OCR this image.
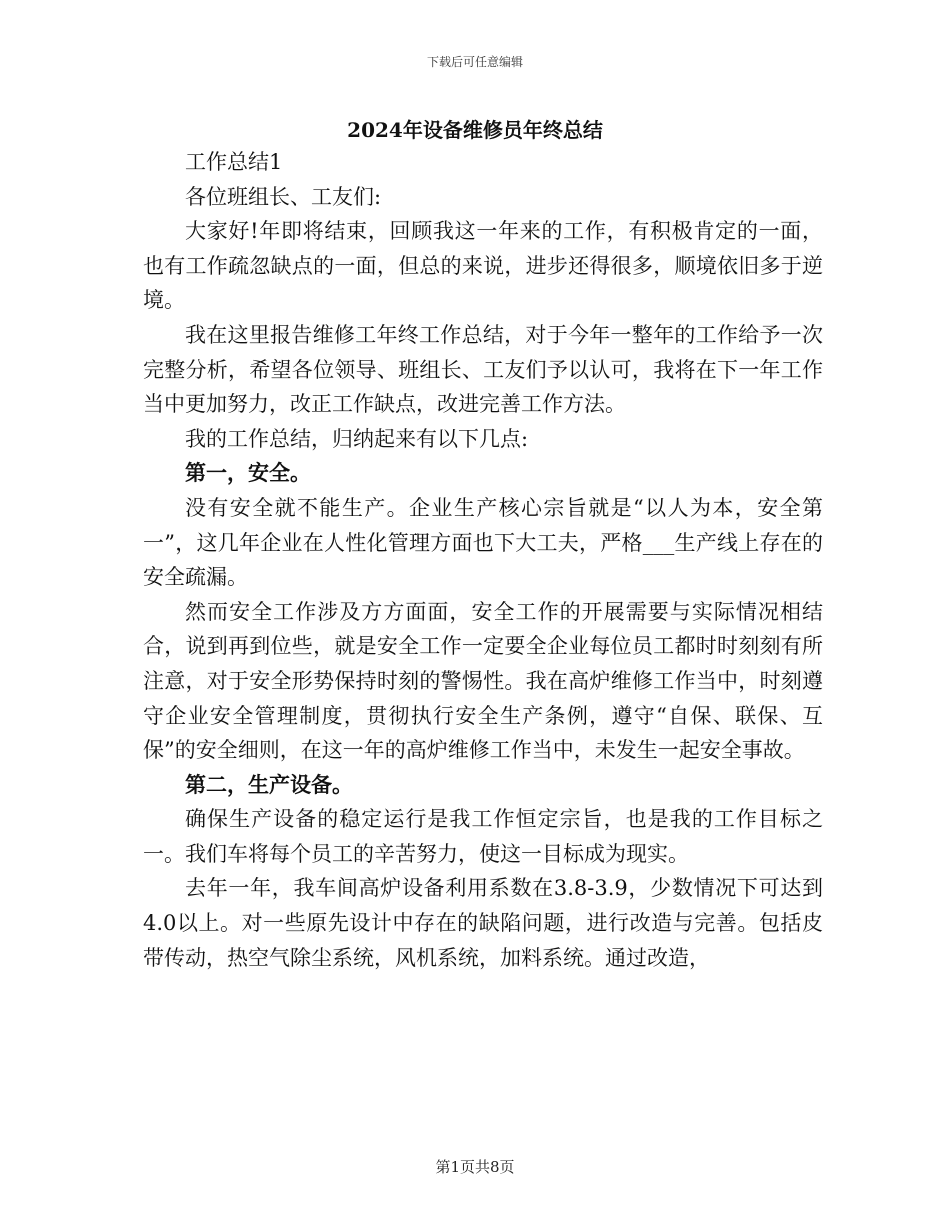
下载后可任意编辑
2024年设备维修员年终总结

工作总结1

各位班组长、工友们:

大家好!年即将结束，回顾我这一年来的工作，有积极肯定的一面，也有工作疏忽缺点的一面，但总的来说，进步还得很多，顺境依旧多于逆境。

我在这里报告维修工年终工作总结，对于今年一整年的工作给予一次完整分析，希望各位领导、班组长、工友们予以认可，我将在下一年工作当中更加努力，改正工作缺点，改进完善工作方法。

我的工作总结，归纳起来有以下几点:

第一，安全。

没有安全就不能生产。企业生产核心宗旨就是“以人为本，安全第一”，这几年企业在人性化管理方面也下大工夫，严格___生产线上存在的安全疏漏。

然而安全工作涉及方方面面，安全工作的开展需要与实际情况相结合，说到再到位些，就是安全工作一定要全企业每位员工都时时刻刻有所注意，对于安全形势保持时刻的警惕性。我在高炉维修工作当中，时刻遵守企业安全管理制度，贯彻执行安全生产条例，遵守“自保、联保、互保”的安全细则，在这一年的高炉维修工作当中，未发生一起安全事故。

第二，生产设备。

确保生产设备的稳定运行是我工作恒定宗旨，也是我的工作目标之一。我们车将每个员工的辛苦努力，使这一目标成为现实。

去年一年，我车间高炉设备利用系数在3.8-3.9，少数情况下可达到4.0以上。对一些原先设计中存在的缺陷问题，进行改造与完善。包括皮带传动，热空气除尘系统，风机系统，加料系统。通过改造，

第1页共8页
